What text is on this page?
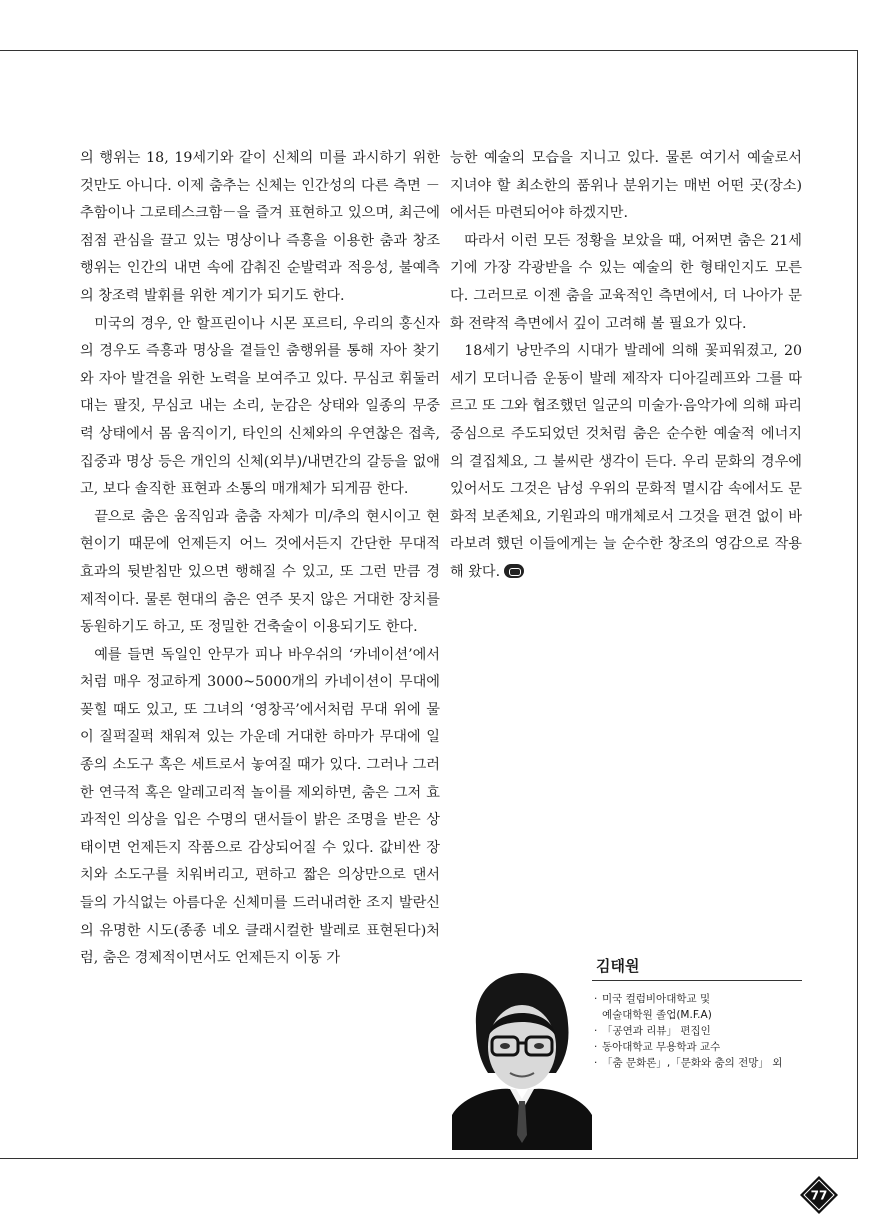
의 행위는 18, 19세기와 같이 신체의 미를 과시하기 위한 것만도 아니다. 이제 춤추는 신체는 인간성의 다른 측면 －추함이나 그로테스크함－을 즐겨 표현하고 있으며, 최근에 점점 관심을 끌고 있는 명상이나 즉흥을 이용한 춤과 창조행위는 인간의 내면 속에 감춰진 순발력과 적응성, 불예측의 창조력 발휘를 위한 계기가 되기도 한다.

미국의 경우, 안 할프린이나 시몬 포르티, 우리의 홍신자의 경우도 즉흥과 명상을 곁들인 춤행위를 통해 자아 찾기와 자아 발견을 위한 노력을 보여주고 있다. 무심코 휘둘러대는 팔짓, 무심코 내는 소리, 눈감은 상태와 일종의 무중력 상태에서 몸 움직이기, 타인의 신체와의 우연찮은 접촉, 집중과 명상 등은 개인의 신체(외부)/내면간의 갈등을 없애고, 보다 솔직한 표현과 소통의 매개체가 되게끔 한다.

끝으로 춤은 움직임과 춤춤 자체가 미/추의 현시이고 현현이기 때문에 언제든지 어느 것에서든지 간단한 무대적 효과의 뒷받침만 있으면 행해질 수 있고, 또 그런 만큼 경제적이다. 물론 현대의 춤은 연주 못지 않은 거대한 장치를 동원하기도 하고, 또 정밀한 건축술이 이용되기도 한다.

예를 들면 독일인 안무가 피나 바우쉬의 ‘카네이션’에서처럼 매우 정교하게 3000~5000개의 카네이션이 무대에 꽂힐 때도 있고, 또 그녀의 ‘영창곡’에서처럼 무대 위에 물이 질퍽질퍽 채워져 있는 가운데 거대한 하마가 무대에 일종의 소도구 혹은 세트로서 놓여질 때가 있다. 그러나 그러한 연극적 혹은 알레고리적 놀이를 제외하면, 춤은 그저 효과적인 의상을 입은 수명의 댄서들이 밝은 조명을 받은 상태이면 언제든지 작품으로 감상되어질 수 있다. 값비싼 장치와 소도구를 치워버리고, 편하고 짧은 의상만으로 댄서들의 가식없는 아름다운 신체미를 드러내려한 조지 발란신의 유명한 시도(종종 네오 클래시컬한 발레로 표현된다)처럼, 춤은 경제적이면서도 언제든지 이동 가

능한 예술의 모습을 지니고 있다. 물론 여기서 예술로서 지녀야 할 최소한의 품위나 분위기는 매번 어떤 곳(장소)에서든 마련되어야 하겠지만.

따라서 이런 모든 정황을 보았을 때, 어쩌면 춤은 21세기에 가장 각광받을 수 있는 예술의 한 형태인지도 모른다. 그러므로 이젠 춤을 교육적인 측면에서, 더 나아가 문화 전략적 측면에서 깊이 고려해 볼 필요가 있다.

18세기 낭만주의 시대가 발레에 의해 꽃피워졌고, 20세기 모더니즘 운동이 발레 제작자 디아길레프와 그를 따르고 또 그와 협조했던 일군의 미술가·음악가에 의해 파리 중심으로 주도되었던 것처럼 춤은 순수한 예술적 에너지의 결집체요, 그 불씨란 생각이 든다. 우리 문화의 경우에 있어서도 그것은 남성 우위의 문화적 멸시감 속에서도 문화적 보존체요, 기원과의 매개체로서 그것을 편견 없이 바라보려 했던 이들에게는 늘 순수한 창조의 영감으로 작용해 왔다.

김태원
· 미국 컬럼비아대학교 및
예술대학원 졸업(M.F.A)
· 「공연과 리뷰」 편집인
· 동아대학교 무용학과 교수
· 「춤 문화론」,「문화와 춤의 전망」 외
77
